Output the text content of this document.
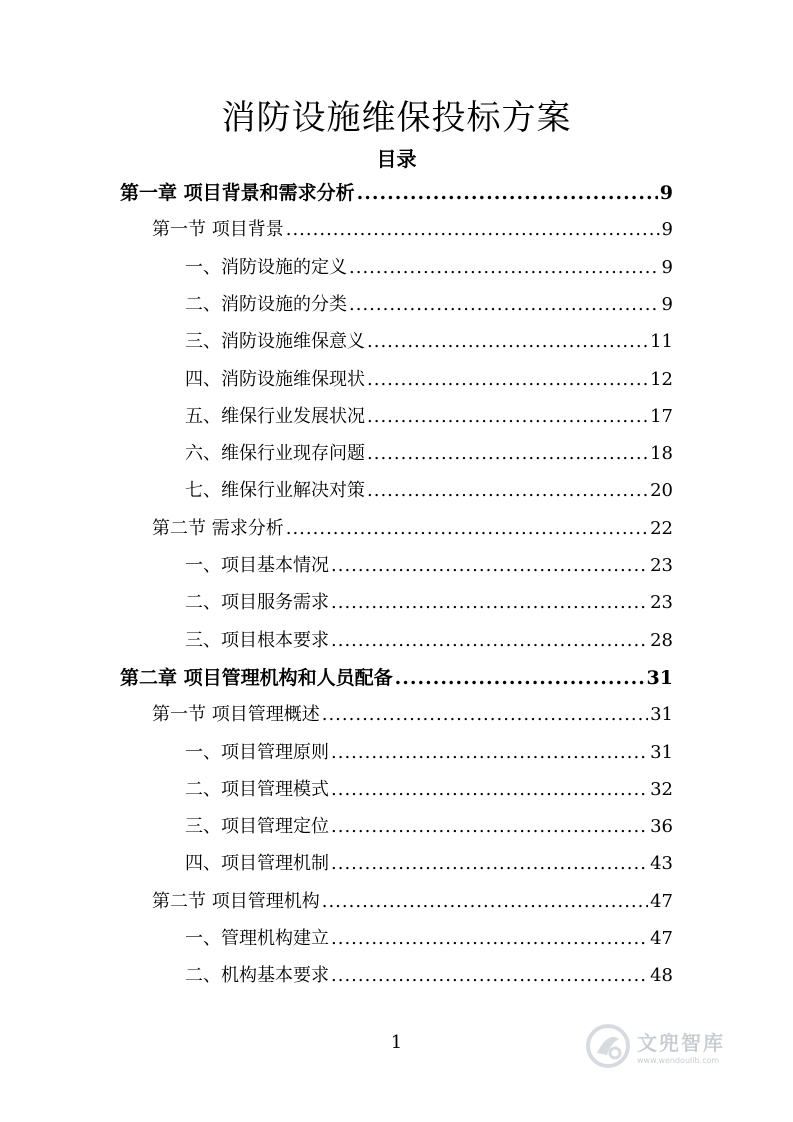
消防设施维保投标方案
目录
第一章 项目背景和需求分析 .....	9
第一节 项目背景 .....	9
一、消防设施的定义 .....	9
二、消防设施的分类 .....	9
三、消防设施维保意义 .....	11
四、消防设施维保现状 .....	12
五、维保行业发展状况 .....	17
六、维保行业现存问题 .....	18
七、维保行业解决对策 .....	20
第二节 需求分析 .....	22
一、项目基本情况 .....	23
二、项目服务需求 .....	23
三、项目根本要求 .....	28
第二章 项目管理机构和人员配备 .....	31
第一节 项目管理概述 .....	31
一、项目管理原则 .....	31
二、项目管理模式 .....	32
三、项目管理定位 .....	36
四、项目管理机制 .....	43
第二节 项目管理机构 .....	47
一、管理机构建立 .....	47
二、机构基本要求 .....	48
1	文兜智库
www.wendoulib.com
